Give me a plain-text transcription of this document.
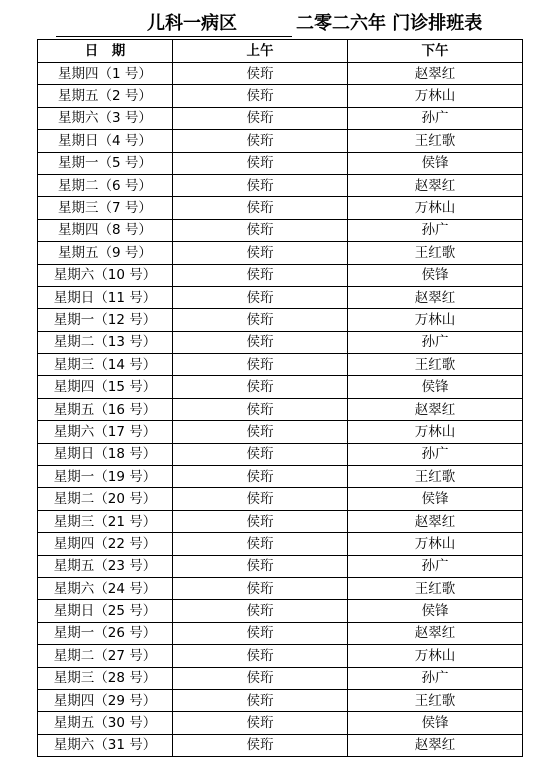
儿科一病区	二零二六年 门诊排班表
日　期	上午	下午
星期四（1 号）	侯珩	赵翠红
星期五（2 号）	侯珩	万林山
星期六（3 号）	侯珩	孙广
星期日（4 号）	侯珩	王红歌
星期一（5 号）	侯珩	侯锋
星期二（6 号）	侯珩	赵翠红
星期三（7 号）	侯珩	万林山
星期四（8 号）	侯珩	孙广
星期五（9 号）	侯珩	王红歌
星期六（10 号）	侯珩	侯锋
星期日（11 号）	侯珩	赵翠红
星期一（12 号）	侯珩	万林山
星期二（13 号）	侯珩	孙广
星期三（14 号）	侯珩	王红歌
星期四（15 号）	侯珩	侯锋
星期五（16 号）	侯珩	赵翠红
星期六（17 号）	侯珩	万林山
星期日（18 号）	侯珩	孙广
星期一（19 号）	侯珩	王红歌
星期二（20 号）	侯珩	侯锋
星期三（21 号）	侯珩	赵翠红
星期四（22 号）	侯珩	万林山
星期五（23 号）	侯珩	孙广
星期六（24 号）	侯珩	王红歌
星期日（25 号）	侯珩	侯锋
星期一（26 号）	侯珩	赵翠红
星期二（27 号）	侯珩	万林山
星期三（28 号）	侯珩	孙广
星期四（29 号）	侯珩	王红歌
星期五（30 号）	侯珩	侯锋
星期六（31 号）	侯珩	赵翠红
